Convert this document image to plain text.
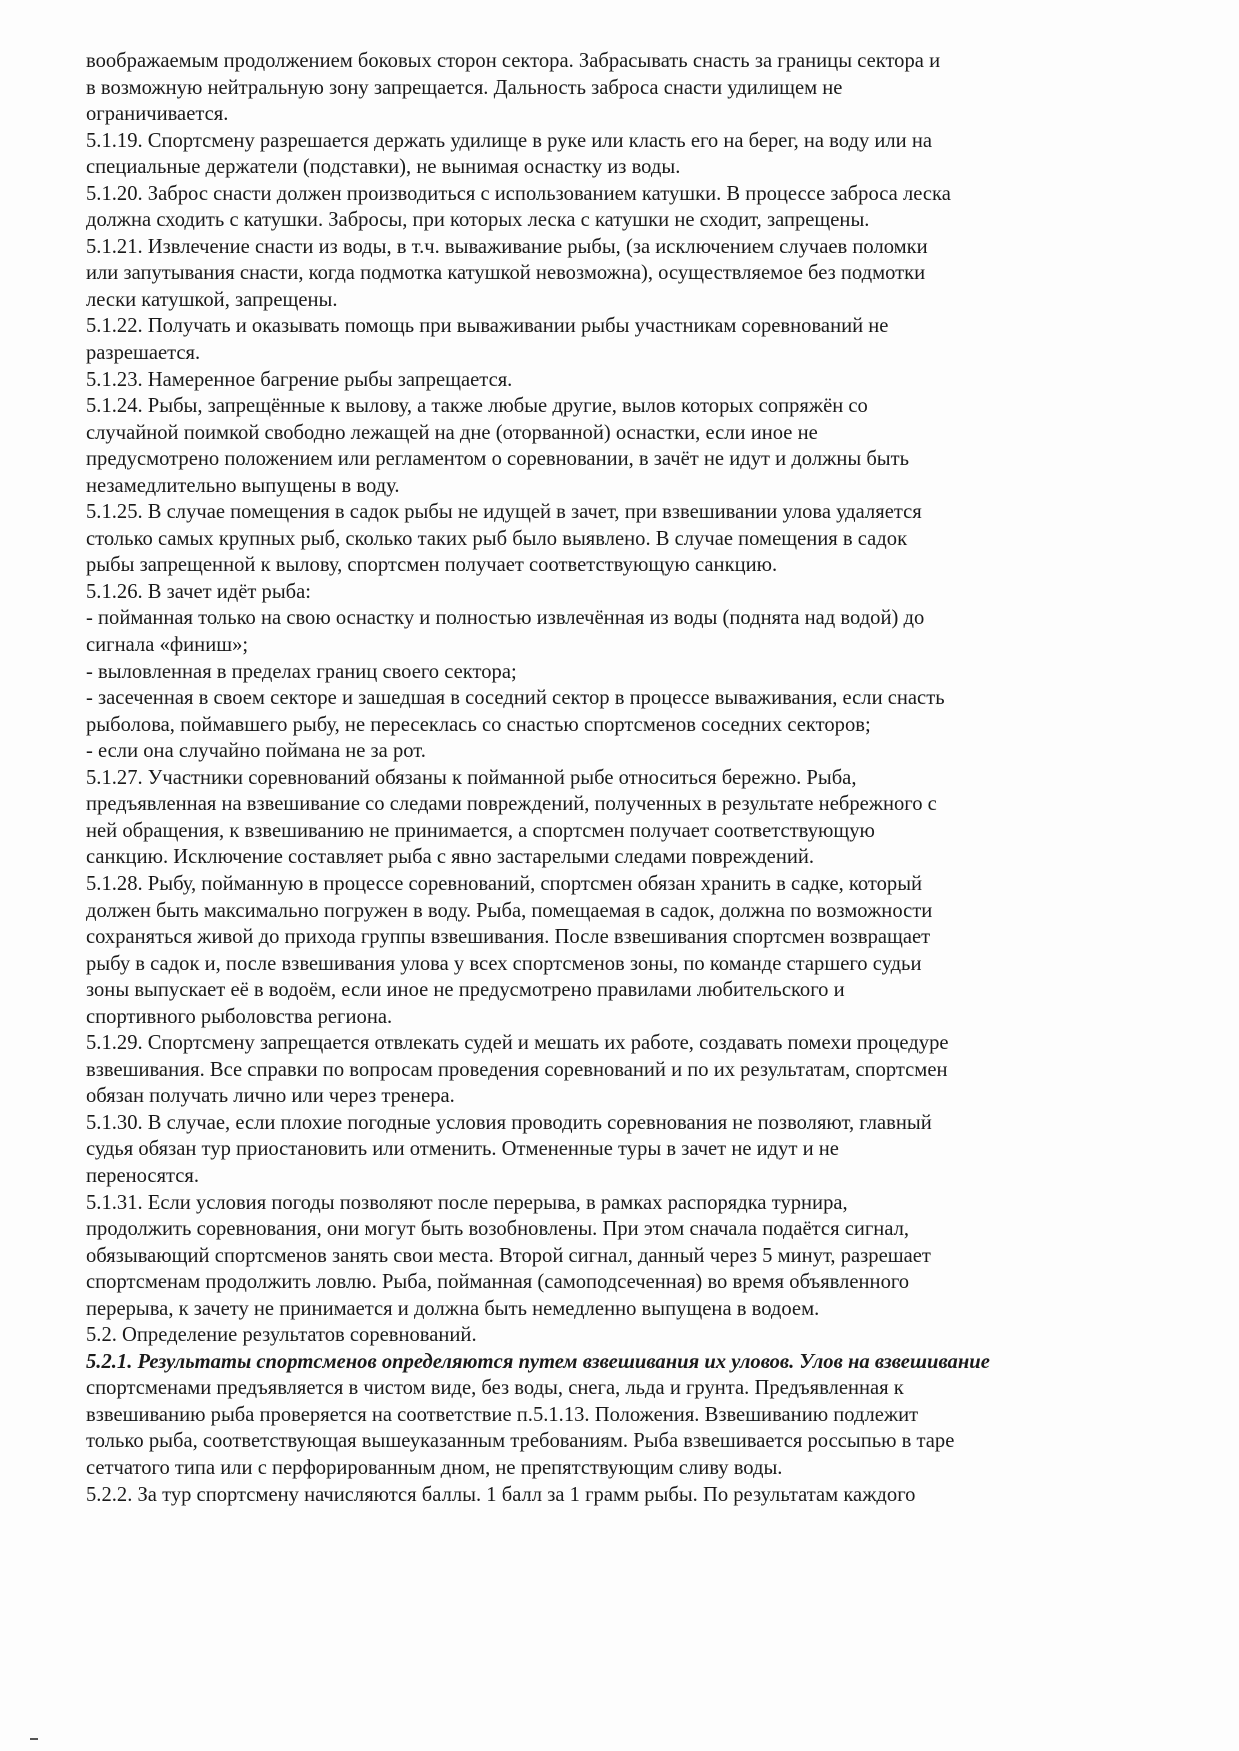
воображаемым продолжением боковых сторон сектора. Забрасывать снасть за границы сектора и
в возможную нейтральную зону запрещается. Дальность заброса снасти удилищем не
ограничивается.
5.1.19. Спортсмену разрешается держать удилище в руке или класть его на берег, на воду или на
специальные держатели (подставки), не вынимая оснастку из воды.
5.1.20. Заброс снасти должен производиться с использованием катушки. В процессе заброса леска
должна сходить с катушки. Забросы, при которых леска с катушки не сходит, запрещены.
5.1.21. Извлечение снасти из воды, в т.ч. вываживание рыбы, (за исключением случаев поломки
или запутывания снасти, когда подмотка катушкой невозможна), осуществляемое без подмотки
лески катушкой, запрещены.
5.1.22. Получать и оказывать помощь при вываживании рыбы участникам соревнований не
разрешается.
5.1.23. Намеренное багрение рыбы запрещается.
5.1.24. Рыбы, запрещённые к вылову, а также любые другие, вылов которых сопряжён со
случайной поимкой свободно лежащей на дне (оторванной) оснастки, если иное не
предусмотрено положением или регламентом о соревновании, в зачёт не идут и должны быть
незамедлительно выпущены в воду.
5.1.25. В случае помещения в садок рыбы не идущей в зачет, при взвешивании улова удаляется
столько самых крупных рыб, сколько таких рыб было выявлено. В случае помещения в садок
рыбы запрещенной к вылову, спортсмен получает соответствующую санкцию.
5.1.26. В зачет идёт рыба:
- пойманная только на свою оснастку и полностью извлечённая из воды (поднята над водой) до
сигнала «финиш»;
- выловленная в пределах границ своего сектора;
- засеченная в своем секторе и зашедшая в соседний сектор в процессе вываживания, если снасть
рыболова, поймавшего рыбу, не пересеклась со снастью спортсменов соседних секторов;
- если она случайно поймана не за рот.
5.1.27. Участники соревнований обязаны к пойманной рыбе относиться бережно. Рыба,
предъявленная на взвешивание со следами повреждений, полученных в результате небрежного с
ней обращения, к взвешиванию не принимается, а спортсмен получает соответствующую
санкцию. Исключение составляет рыба с явно застарелыми следами повреждений.
5.1.28. Рыбу, пойманную в процессе соревнований, спортсмен обязан хранить в садке, который
должен быть максимально погружен в воду. Рыба, помещаемая в садок, должна по возможности
сохраняться живой до прихода группы взвешивания. После взвешивания спортсмен возвращает
рыбу в садок и, после взвешивания улова у всех спортсменов зоны, по команде старшего судьи
зоны выпускает её в водоём, если иное не предусмотрено правилами любительского и
спортивного рыболовства региона.
5.1.29. Спортсмену запрещается отвлекать судей и мешать их работе, создавать помехи процедуре
взвешивания. Все справки по вопросам проведения соревнований и по их результатам, спортсмен
обязан получать лично или через тренера.
5.1.30. В случае, если плохие погодные условия проводить соревнования не позволяют, главный
судья обязан тур приостановить или отменить. Отмененные туры в зачет не идут и не
переносятся.
5.1.31. Если условия погоды позволяют после перерыва, в рамках распорядка турнира,
продолжить соревнования, они могут быть возобновлены. При этом сначала подаётся сигнал,
обязывающий спортсменов занять свои места. Второй сигнал, данный через 5 минут, разрешает
спортсменам продолжить ловлю. Рыба, пойманная (самоподсеченная) во время объявленного
перерыва, к зачету не принимается и должна быть немедленно выпущена в водоем.
5.2. Определение результатов соревнований.
5.2.1. Результаты спортсменов определяются путем взвешивания их уловов. Улов на взвешивание
спортсменами предъявляется в чистом виде, без воды, снега, льда и грунта. Предъявленная к
взвешиванию рыба проверяется на соответствие п.5.1.13. Положения. Взвешиванию подлежит
только рыба, соответствующая вышеуказанным требованиям. Рыба взвешивается россыпью в таре
сетчатого типа или с перфорированным дном, не препятствующим сливу воды.
5.2.2. За тур спортсмену начисляются баллы. 1 балл за 1 грамм рыбы. По результатам каждого
